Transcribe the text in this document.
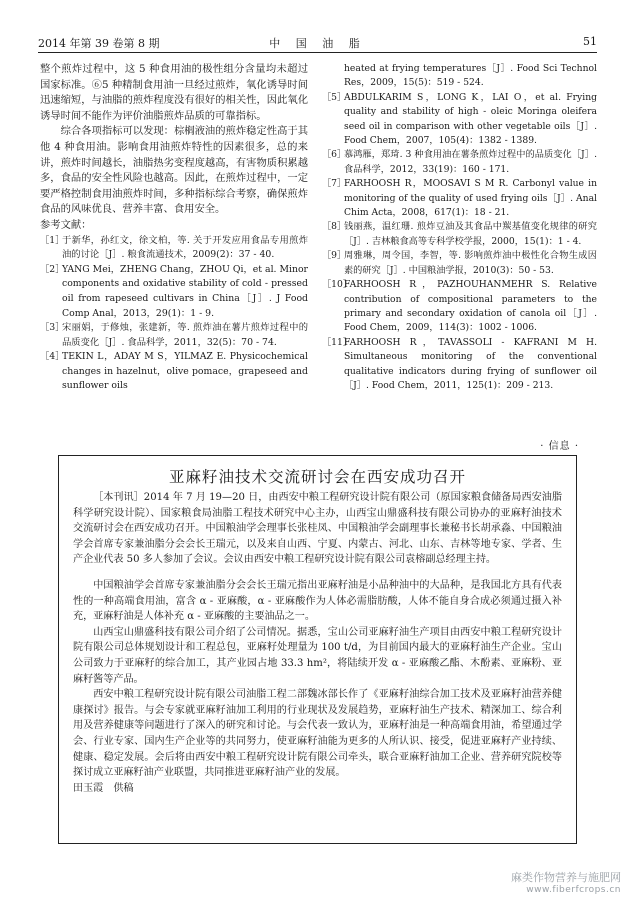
2014 年第 39 卷第 8 期	中 国 油 脂	51

整个煎炸过程中，这 5 种食用油的极性组分含量均未超过国家标准。⑥5 种精制食用油一旦经过煎炸，氧化诱导时间迅速缩短，与油脂的煎炸程度没有很好的相关性，因此氧化诱导时间不能作为评价油脂煎炸品质的可靠指标。

综合各项指标可以发现：棕榈液油的煎炸稳定性高于其他 4 种食用油。影响食用油煎炸特性的因素很多，总的来讲，煎炸时间越长，油脂热劣变程度越高，有害物质积累越多，食品的安全性风险也越高。因此，在煎炸过程中，一定要严格控制食用油煎炸时间，多种指标综合考察，确保煎炸食品的风味优良、营养丰富、食用安全。

参考文献：

［1］
于新华，孙红文，徐文柏，等. 关于开发应用食品专用煎炸油的讨论［J］. 粮食流通技术，2009(2)：37 - 40.
［2］
YANG Mei，ZHENG Chang，ZHOU Qi，et al. Minor components and oxidative stability of cold - pressed oil from rapeseed cultivars in China［J］. J Food Comp Anal，2013，29(1)：1 - 9.
［3］
宋丽娟，于修烛，张建新，等. 煎炸油在薯片煎炸过程中的品质变化［J］. 食品科学，2011，32(5)：70 - 74.
［4］
TEKIN L，ADAY M S，YILMAZ E. Physicochemical changes in hazelnut，olive pomace，grapeseed and sunflower oils
heated at frying temperatures［J］. Food Sci Technol Res，2009，15(5)：519 - 524.
［5］
ABDULKARIM S，LONG K，LAI O，et al. Frying quality and stability of high - oleic Moringa oleifera seed oil in comparison with other vegetable oils［J］. Food Chem，2007，105(4)：1382 - 1389.
［6］
慕鸿雁，郑琦. 3 种食用油在薯条煎炸过程中的品质变化［J］. 食品科学，2012，33(19)：160 - 171.
［7］
FARHOOSH R，MOOSAVI S M R. Carbonyl value in monitoring of the quality of used frying oils［J］. Anal Chim Acta，2008，617(1)：18 - 21.
［8］
钱丽燕，温红珊. 煎炸豆油及其食品中羰基值变化规律的研究［J］. 吉林粮食高等专科学校学报，2000，15(1)：1 - 4.
［9］
周雅琳，周令国，李智，等. 影响煎炸油中极性化合物生成因素的研究［J］. 中国粮油学报，2010(3)：50 - 53.
［10］
FARHOOSH R，PAZHOUHANMEHR S. Relative contribution of compositional parameters to the primary and secondary oxidation of canola oil［J］. Food Chem，2009，114(3)：1002 - 1006.
［11］
FARHOOSH R，TAVASSOLI - KAFRANI M H. Simultaneous monitoring of the conventional qualitative indicators during frying of sunflower oil［J］. Food Chem，2011，125(1)：209 - 213.
· 信息 ·
亚麻籽油技术交流研讨会在西安成功召开

［本刊讯］2014 年 7 月 19—20 日，由西安中粮工程研究设计院有限公司（原国家粮食储备局西安油脂科学研究设计院）、国家粮食局油脂工程技术研究中心主办，山西宝山鼎盛科技有限公司协办的亚麻籽油技术交流研讨会在西安成功召开。中国粮油学会理事长张桂凤、中国粮油学会副理事长兼秘书长胡承淼、中国粮油学会首席专家兼油脂分会会长王瑞元，以及来自山西、宁夏、内蒙古、河北、山东、吉林等地专家、学者、生产企业代表 50 多人参加了会议。会议由西安中粮工程研究设计院有限公司袁榕副总经理主持。

中国粮油学会首席专家兼油脂分会会长王瑞元指出亚麻籽油是小品种油中的大品种，是我国北方具有代表性的一种高端食用油，富含 α - 亚麻酸，α - 亚麻酸作为人体必需脂肪酸，人体不能自身合成必须通过摄入补充，亚麻籽油是人体补充 α - 亚麻酸的主要油品之一。

山西宝山鼎盛科技有限公司介绍了公司情况。据悉，宝山公司亚麻籽油生产项目由西安中粮工程研究设计院有限公司总体规划设计和工程总包，亚麻籽处理量为 100 t/d，为目前国内最大的亚麻籽油生产企业。宝山公司致力于亚麻籽的综合加工，其产业园占地 33.3 hm²，将陆续开发 α - 亚麻酸乙酯、木酚素、亚麻粉、亚麻籽酱等产品。

西安中粮工程研究设计院有限公司油脂工程二部魏冰部长作了《亚麻籽油综合加工技术及亚麻籽油营养健康探讨》报告。与会专家就亚麻籽油加工利用的行业现状及发展趋势，亚麻籽油生产技术、精深加工、综合利用及营养健康等问题进行了深入的研究和讨论。与会代表一致认为，亚麻籽油是一种高端食用油，希望通过学会、行业专家、国内生产企业等的共同努力，使亚麻籽油能为更多的人所认识、接受，促进亚麻籽产业持续、健康、稳定发展。会后将由西安中粮工程研究设计院有限公司牵头，联合亚麻籽油加工企业、营养研究院校等探讨成立亚麻籽油产业联盟，共同推进亚麻籽油产业的发展。

田玉霞　供稿

麻类作物营养与施肥网
www.fiberfcrops.cn
